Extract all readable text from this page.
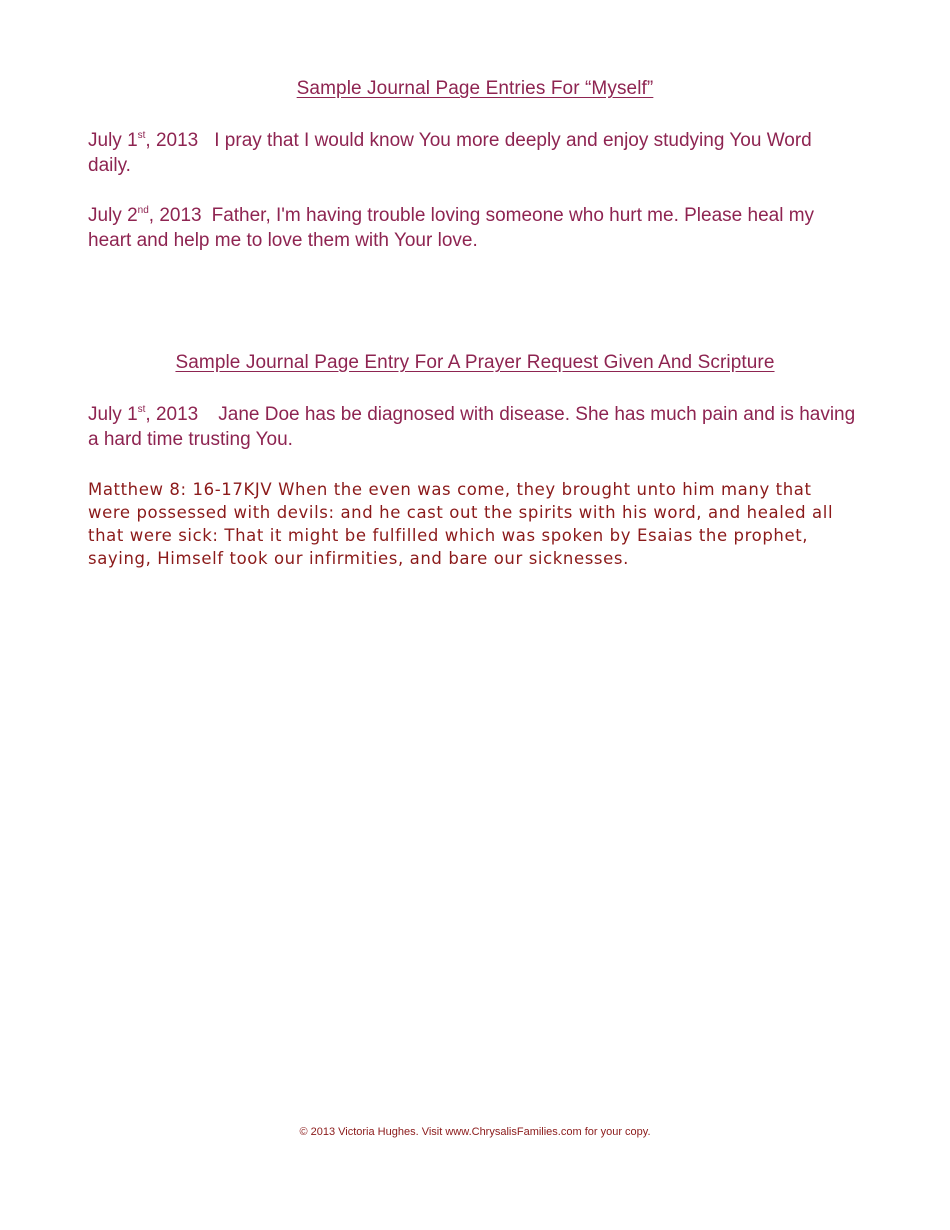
Sample Journal Page Entries For “Myself”
July 1st, 2013 I pray that I would know You more deeply and enjoy studying You Word daily.
July 2nd, 2013 Father, I'm having trouble loving someone who hurt me. Please heal my heart and help me to love them with Your love.
Sample Journal Page Entry For A Prayer Request Given And Scripture
July 1st, 2013 Jane Doe has be diagnosed with disease. She has much pain and is having a hard time trusting You.
Matthew 8: 16-17KJV When the even was come, they brought unto him many that were possessed with devils: and he cast out the spirits with his word, and healed all that were sick: That it might be fulfilled which was spoken by Esaias the prophet, saying, Himself took our infirmities, and bare our sicknesses.
© 2013 Victoria Hughes. Visit www.ChrysalisFamilies.com for your copy.
